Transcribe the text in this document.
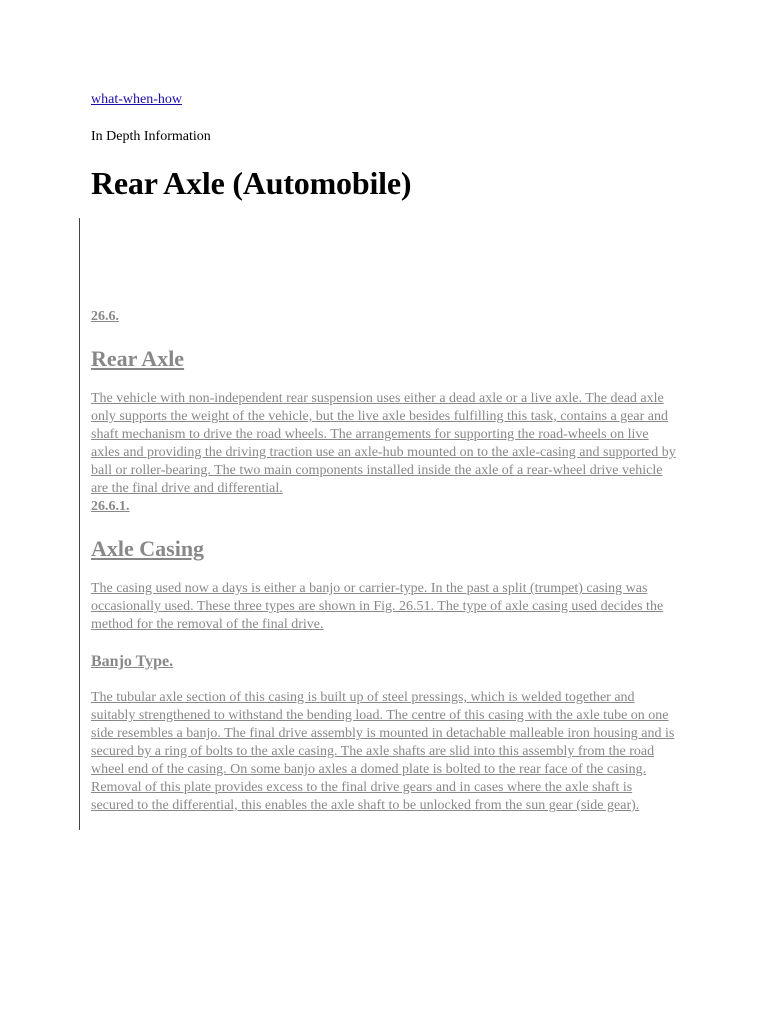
what-when-how
In Depth Information
Rear Axle (Automobile)

26.6.

Rear Axle

The vehicle with non-independent rear suspension uses either a dead axle or a live axle. The dead axle only supports the weight of the vehicle, but the live axle besides fulfilling this task, contains a gear and shaft mechanism to drive the road wheels. The arrangements for supporting the road-wheels on live axles and providing the driving traction use an axle-hub mounted on to the axle-casing and supported by ball or roller-bearing. The two main components installed inside the axle of a rear-wheel drive vehicle are the final drive and differential.

26.6.1.

Axle Casing

The casing used now a days is either a banjo or carrier-type. In the past a split (trumpet) casing was occasionally used. These three types are shown in Fig. 26.51. The type of axle casing used decides the method for the removal of the final drive.

Banjo Type.

The tubular axle section of this casing is built up of steel pressings, which is welded together and suitably strengthened to withstand the bending load. The centre of this casing with the axle tube on one side resembles a banjo. The final drive assembly is mounted in detachable malleable iron housing and is secured by a ring of bolts to the axle casing. The axle shafts are slid into this assembly from the road wheel end of the casing. On some banjo axles a domed plate is bolted to the rear face of the casing. Removal of this plate provides excess to the final drive gears and in cases where the axle shaft is secured to the differential, this enables the axle shaft to be unlocked from the sun gear (side gear).
